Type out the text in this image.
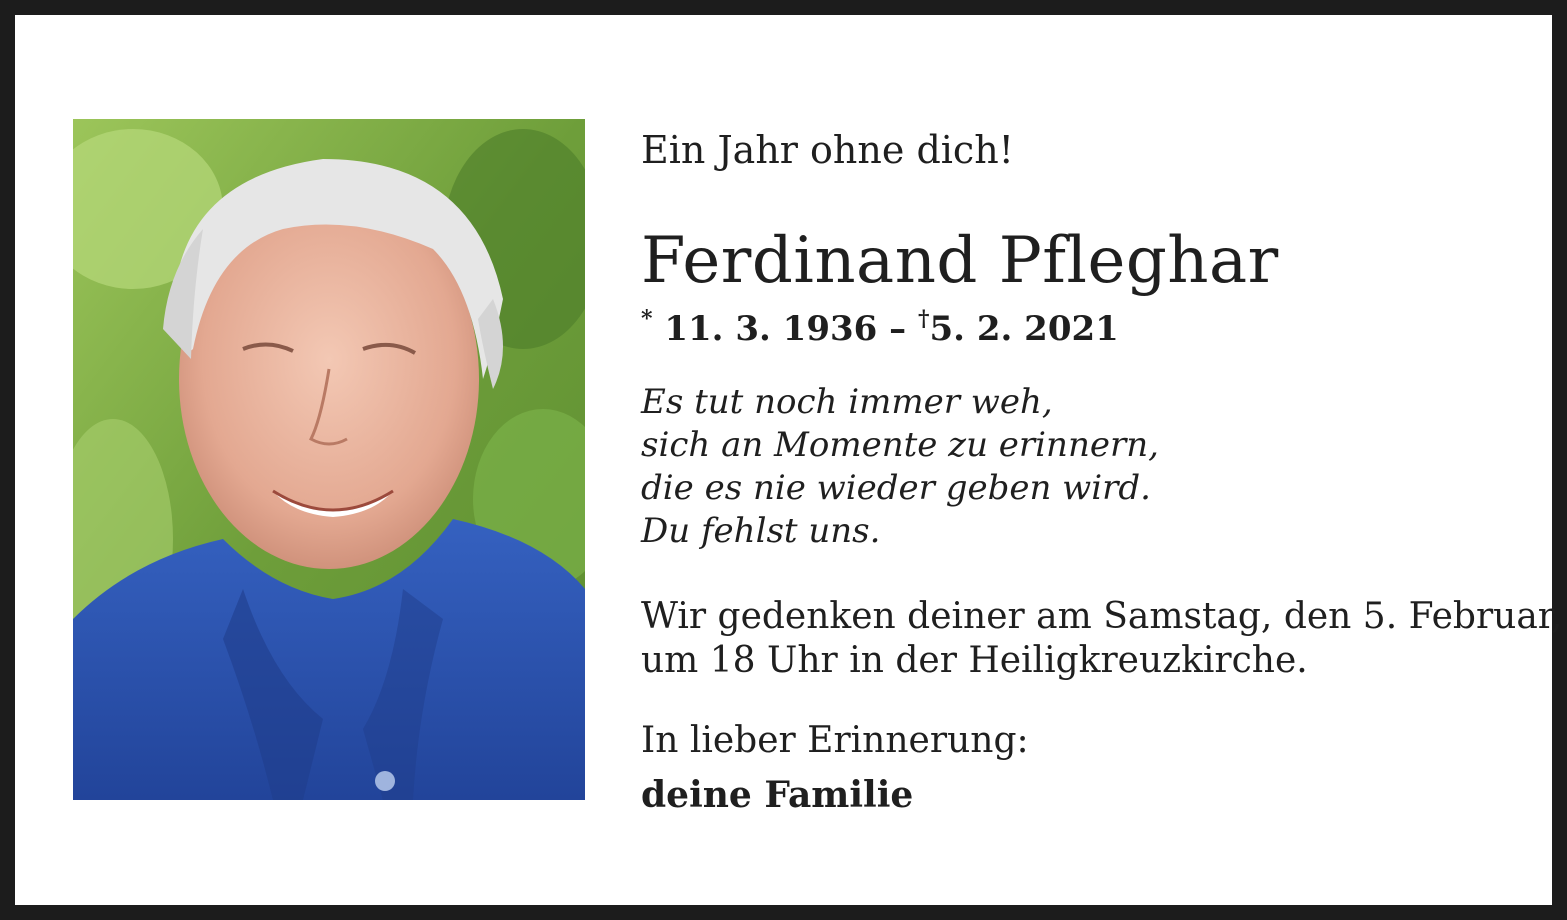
Ein Jahr ohne dich!
Ferdinand Pfleghar
* 11. 3. 1936 – †5. 2. 2021
Es tut noch immer weh,
sich an Momente zu erinnern,
die es nie wieder geben wird.
Du fehlst uns.
Wir gedenken deiner am Samstag, den 5. Februar,
um 18 Uhr in der Heiligkreuzkirche.
In lieber Erinnerung:
deine Familie
